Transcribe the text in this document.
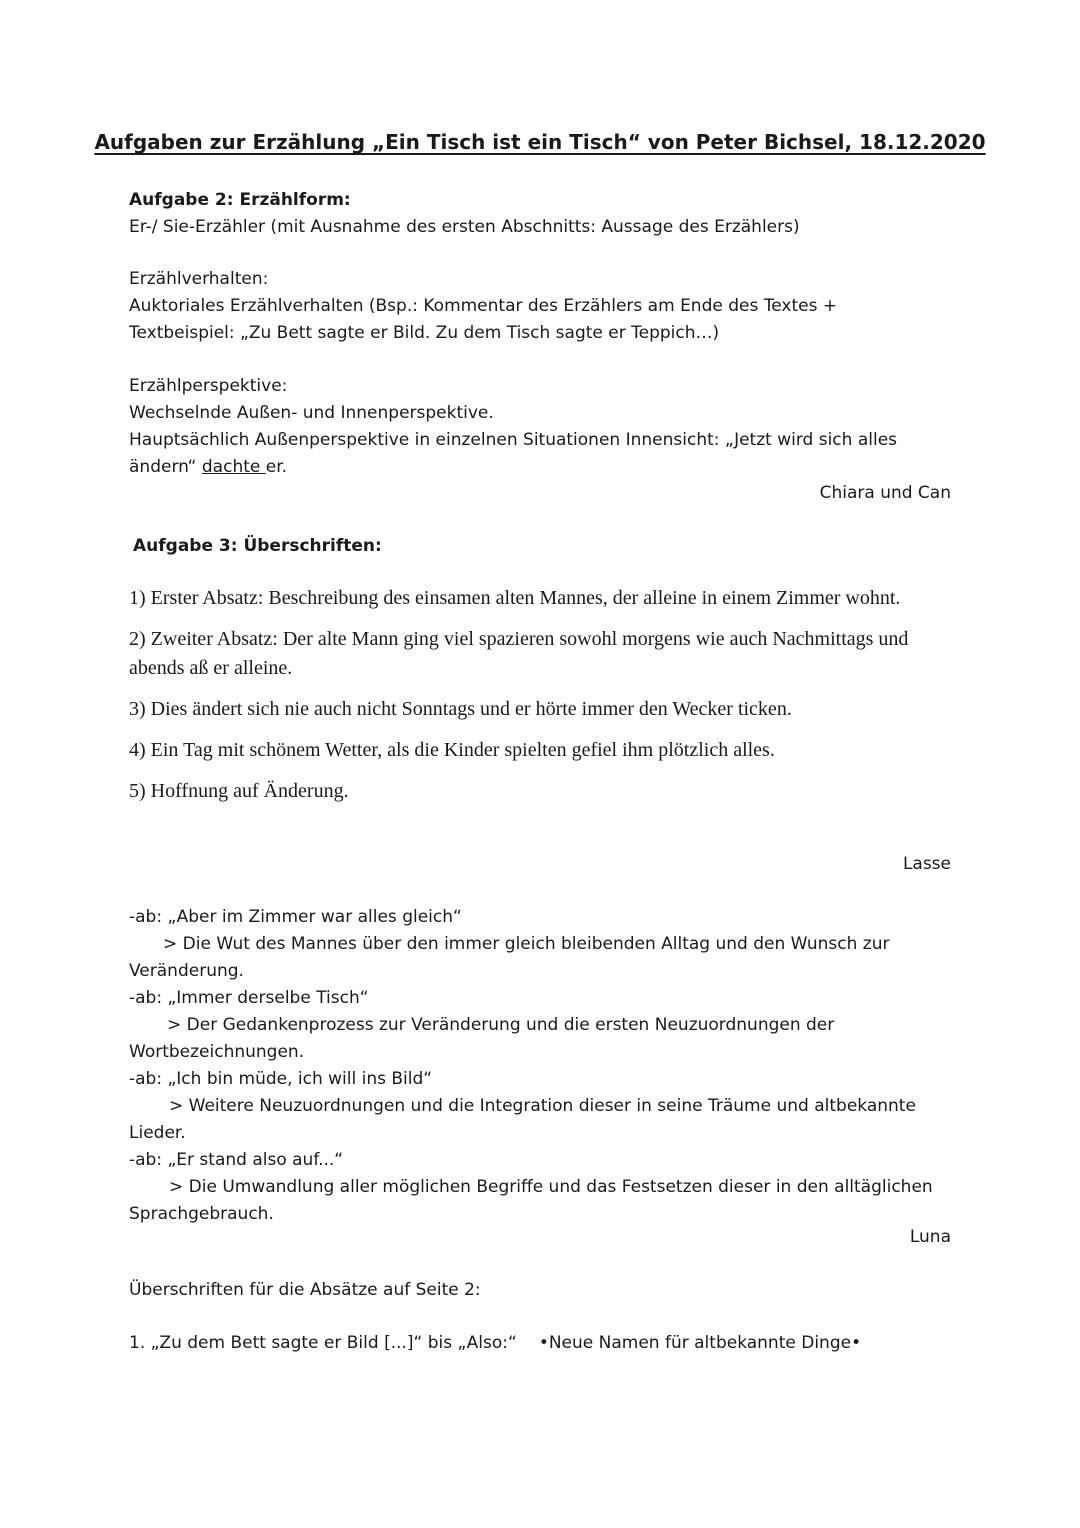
Aufgaben zur Erzählung „Ein Tisch ist ein Tisch“ von Peter Bichsel, 18.12.2020

Aufgabe 2: Erzählform:

Er-/ Sie-Erzähler (mit Ausnahme des ersten Abschnitts: Aussage des Erzählers)

Erzählverhalten:

Auktoriales Erzählverhalten (Bsp.: Kommentar des Erzählers am Ende des Textes +

Textbeispiel: „Zu Bett sagte er Bild. Zu dem Tisch sagte er Teppich…)

Erzählperspektive:

Wechselnde Außen- und Innenperspektive.

Hauptsächlich Außenperspektive in einzelnen Situationen Innensicht: „Jetzt wird sich alles

ändern“ dachte er.

Chiara und Can
Aufgabe 3: Überschriften:

1) Erster Absatz: Beschreibung des einsamen alten Mannes, der alleine in einem Zimmer wohnt.

2) Zweiter Absatz: Der alte Mann ging viel spazieren sowohl morgens wie auch Nachmittags und abends aß er alleine.

3) Dies ändert sich nie auch nicht Sonntags und er hörte immer den Wecker ticken.

4) Ein Tag mit schönem Wetter, als die Kinder spielten gefiel ihm plötzlich alles.

5) Hoffnung auf Änderung.

Lasse

-ab: „Aber im Zimmer war alles gleich“

> Die Wut des Mannes über den immer gleich bleibenden Alltag und den Wunsch zur

Veränderung.

-ab: „Immer derselbe Tisch“

> Der Gedankenprozess zur Veränderung und die ersten Neuzuordnungen der

Wortbezeichnungen.

-ab: „Ich bin müde, ich will ins Bild“

> Weitere Neuzuordnungen und die Integration dieser in seine Träume und altbekannte

Lieder.

-ab: „Er stand also auf...“

> Die Umwandlung aller möglichen Begriffe und das Festsetzen dieser in den alltäglichen

Sprachgebrauch.

Luna
Überschriften für die Absätze auf Seite 2:
1. „Zu dem Bett sagte er Bild [...]“ bis „Also:“ •Neue Namen für altbekannte Dinge•
